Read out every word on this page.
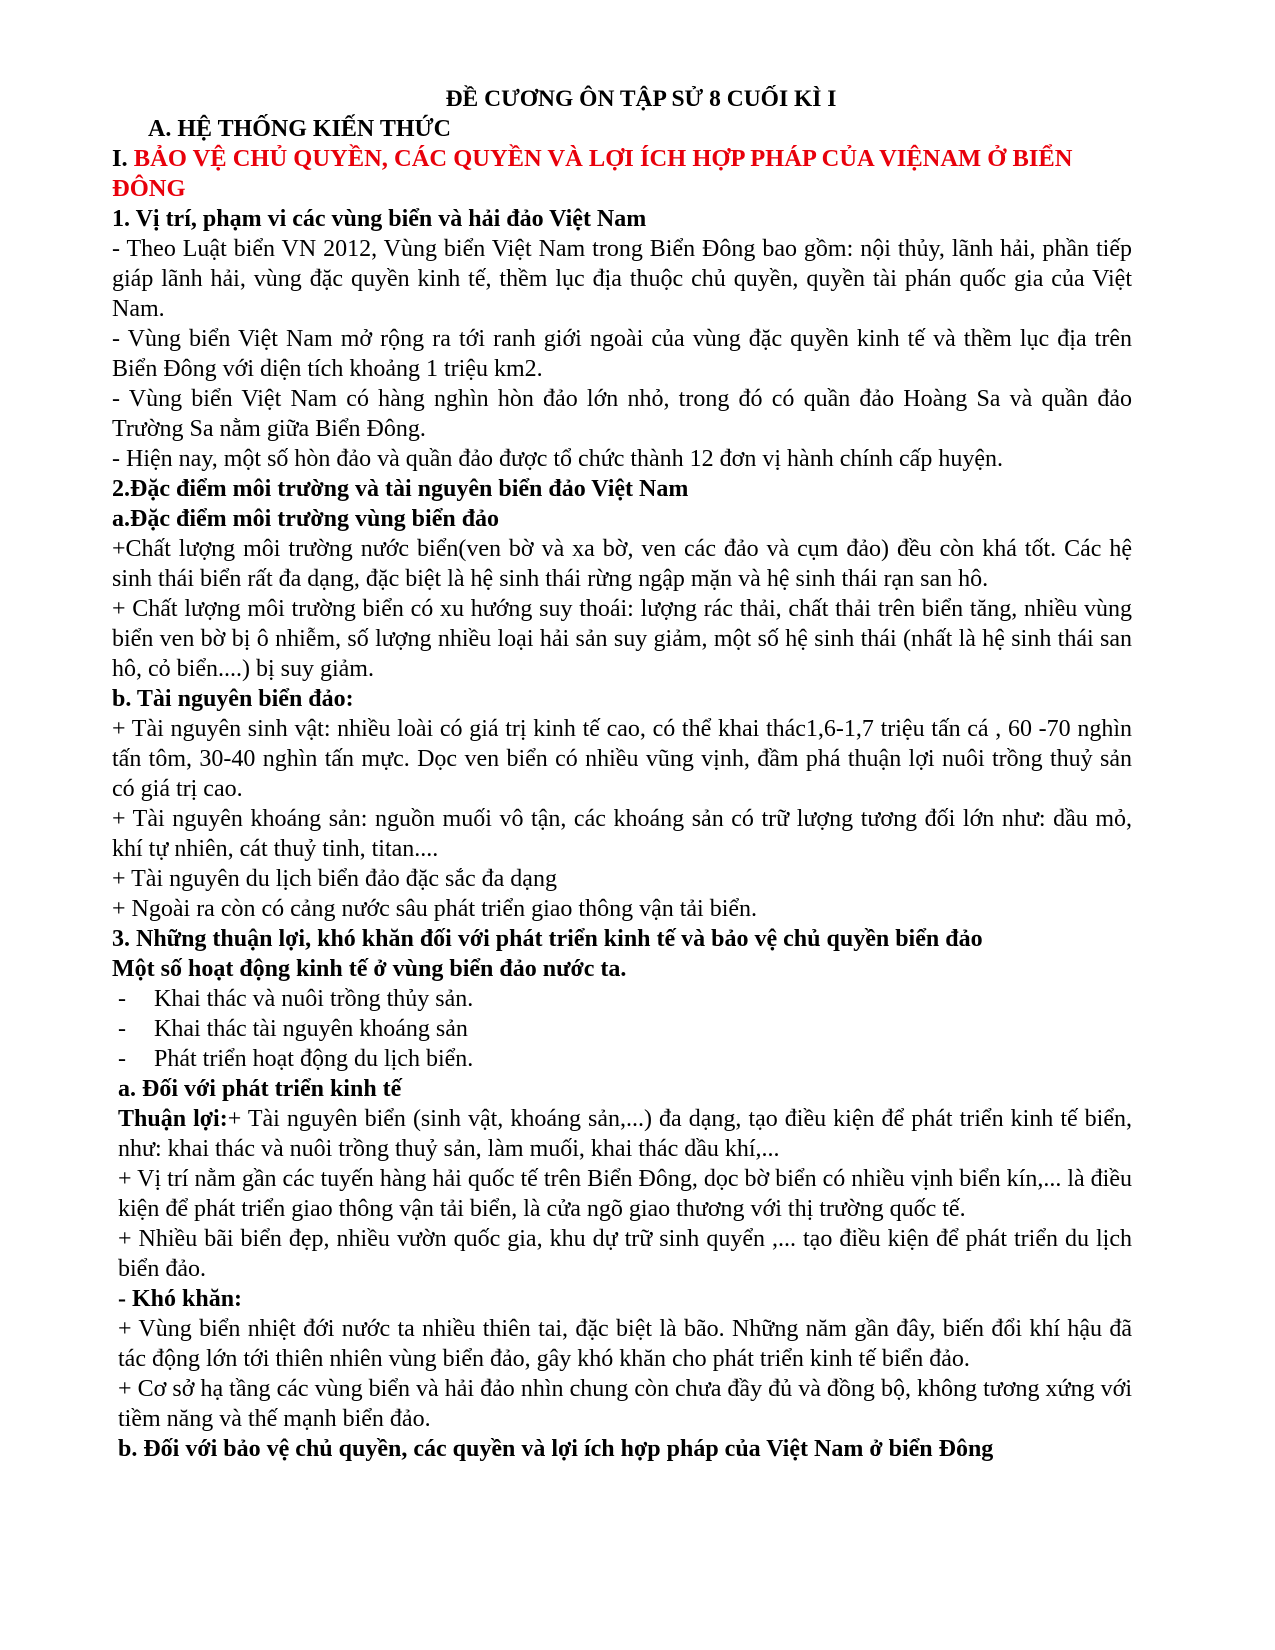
ĐỀ CƯƠNG ÔN TẬP SỬ 8 CUỐI KÌ I
A. HỆ THỐNG KIẾN THỨC
I. BẢO VỆ CHỦ QUYỀN, CÁC QUYỀN VÀ LỢI ÍCH HỢP PHÁP CỦA VIỆNAM Ở BIỂN ĐÔNG
1. Vị trí, phạm vi các vùng biển và hải đảo Việt Nam
- Theo Luật biển VN 2012, Vùng biển Việt Nam trong Biển Đông bao gồm: nội thủy, lãnh hải, phần tiếp giáp lãnh hải, vùng đặc quyền kinh tế, thềm lục địa thuộc chủ quyền, quyền tài phán quốc gia của Việt Nam.
- Vùng biển Việt Nam mở rộng ra tới ranh giới ngoài của vùng đặc quyền kinh tế và thềm lục địa trên Biển Đông với diện tích khoảng 1 triệu km2.
- Vùng biển Việt Nam có hàng nghìn hòn đảo lớn nhỏ, trong đó có quần đảo Hoàng Sa và quần đảo Trường Sa nằm giữa Biển Đông.
- Hiện nay, một số hòn đảo và quần đảo được tổ chức thành 12 đơn vị hành chính cấp huyện.
2.Đặc điểm môi trường và tài nguyên biển đảo Việt Nam
a.Đặc điểm môi trường vùng biển đảo
+Chất lượng môi trường nước biển(ven bờ và xa bờ, ven các đảo và cụm đảo) đều còn khá tốt. Các hệ sinh thái biển rất đa dạng, đặc biệt là hệ sinh thái rừng ngập mặn và hệ sinh thái rạn san hô.
+ Chất lượng môi trường biển có xu hướng suy thoái: lượng rác thải, chất thải trên biển tăng, nhiều vùng biển ven bờ bị ô nhiễm, số lượng nhiều loại hải sản suy giảm, một số hệ sinh thái (nhất là hệ sinh thái san hô, cỏ biển....) bị suy giảm.
b. Tài nguyên biển đảo:
+ Tài nguyên sinh vật: nhiều loài có giá trị kinh tế cao, có thể khai thác1,6-1,7 triệu tấn cá , 60 -70 nghìn tấn tôm, 30-40 nghìn tấn mực. Dọc ven biển có nhiều vũng vịnh, đầm phá thuận lợi nuôi trồng thuỷ sản có giá trị cao.
+ Tài nguyên khoáng sản: nguồn muối vô tận, các khoáng sản có trữ lượng tương đối lớn như: dầu mỏ, khí tự nhiên, cát thuỷ tinh, titan....
+ Tài nguyên du lịch biển đảo đặc sắc đa dạng
+ Ngoài ra còn có cảng nước sâu phát triển giao thông vận tải biển.
3. Những thuận lợi, khó khăn đối với phát triển kinh tế và bảo vệ chủ quyền biển đảo
Một số hoạt động kinh tế ở vùng biển đảo nước ta.
- Khai thác và nuôi trồng thủy sản.
- Khai thác tài nguyên khoáng sản
- Phát triển hoạt động du lịch biển.
a. Đối với phát triển kinh tế
Thuận lợi:+ Tài nguyên biển (sinh vật, khoáng sản,...) đa dạng, tạo điều kiện để phát triển kinh tế biển, như: khai thác và nuôi trồng thuỷ sản, làm muối, khai thác dầu khí,...
+ Vị trí nằm gần các tuyến hàng hải quốc tế trên Biển Đông, dọc bờ biển có nhiều vịnh biển kín,... là điều kiện để phát triển giao thông vận tải biển, là cửa ngõ giao thương với thị trường quốc tế.
+ Nhiều bãi biển đẹp, nhiều vườn quốc gia, khu dự trữ sinh quyển ,... tạo điều kiện để phát triển du lịch biển đảo.
- Khó khăn:
+ Vùng biển nhiệt đới nước ta nhiều thiên tai, đặc biệt là bão. Những năm gần đây, biến đổi khí hậu đã tác động lớn tới thiên nhiên vùng biển đảo, gây khó khăn cho phát triển kinh tế biển đảo.
+ Cơ sở hạ tầng các vùng biển và hải đảo nhìn chung còn chưa đầy đủ và đồng bộ, không tương xứng với tiềm năng và thế mạnh biển đảo.
b. Đối với bảo vệ chủ quyền, các quyền và lợi ích hợp pháp của Việt Nam ở biển Đông
